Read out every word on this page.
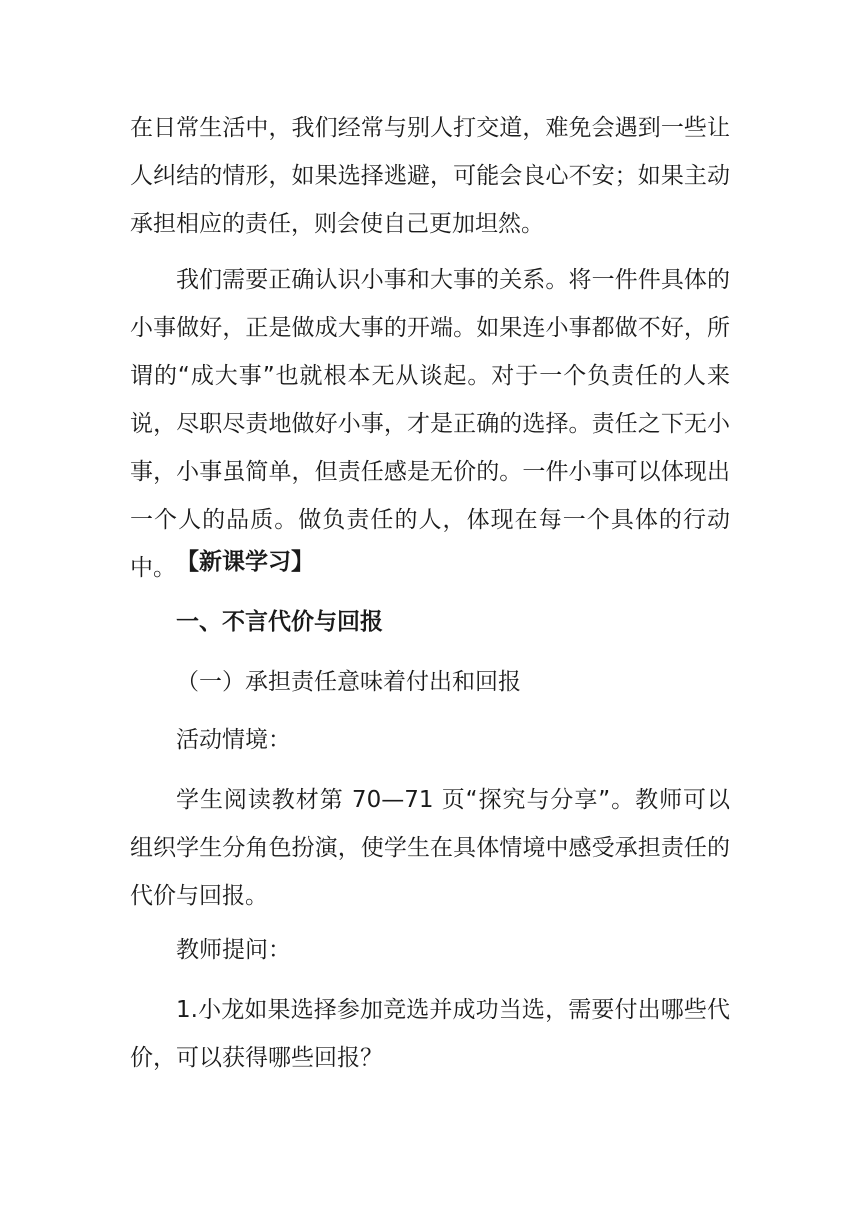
在日常生活中，我们经常与别人打交道，难免会遇到一些让人纠结的情形，如果选择逃避，可能会良心不安；如果主动承担相应的责任，则会使自己更加坦然。

我们需要正确认识小事和大事的关系。将一件件具体的小事做好，正是做成大事的开端。如果连小事都做不好，所谓的“成大事”也就根本无从谈起。对于一个负责任的人来说，尽职尽责地做好小事，才是正确的选择。责任之下无小事，小事虽简单，但责任感是无价的。一件小事可以体现出一个人的品质。做负责任的人，体现在每一个具体的行动中。 【新课学习】

一、不言代价与回报

（一）承担责任意味着付出和回报

活动情境：

学生阅读教材第 70—71 页“探究与分享”。教师可以组织学生分角色扮演，使学生在具体情境中感受承担责任的代价与回报。

教师提问：

1.小龙如果选择参加竞选并成功当选，需要付出哪些代价，可以获得哪些回报？
